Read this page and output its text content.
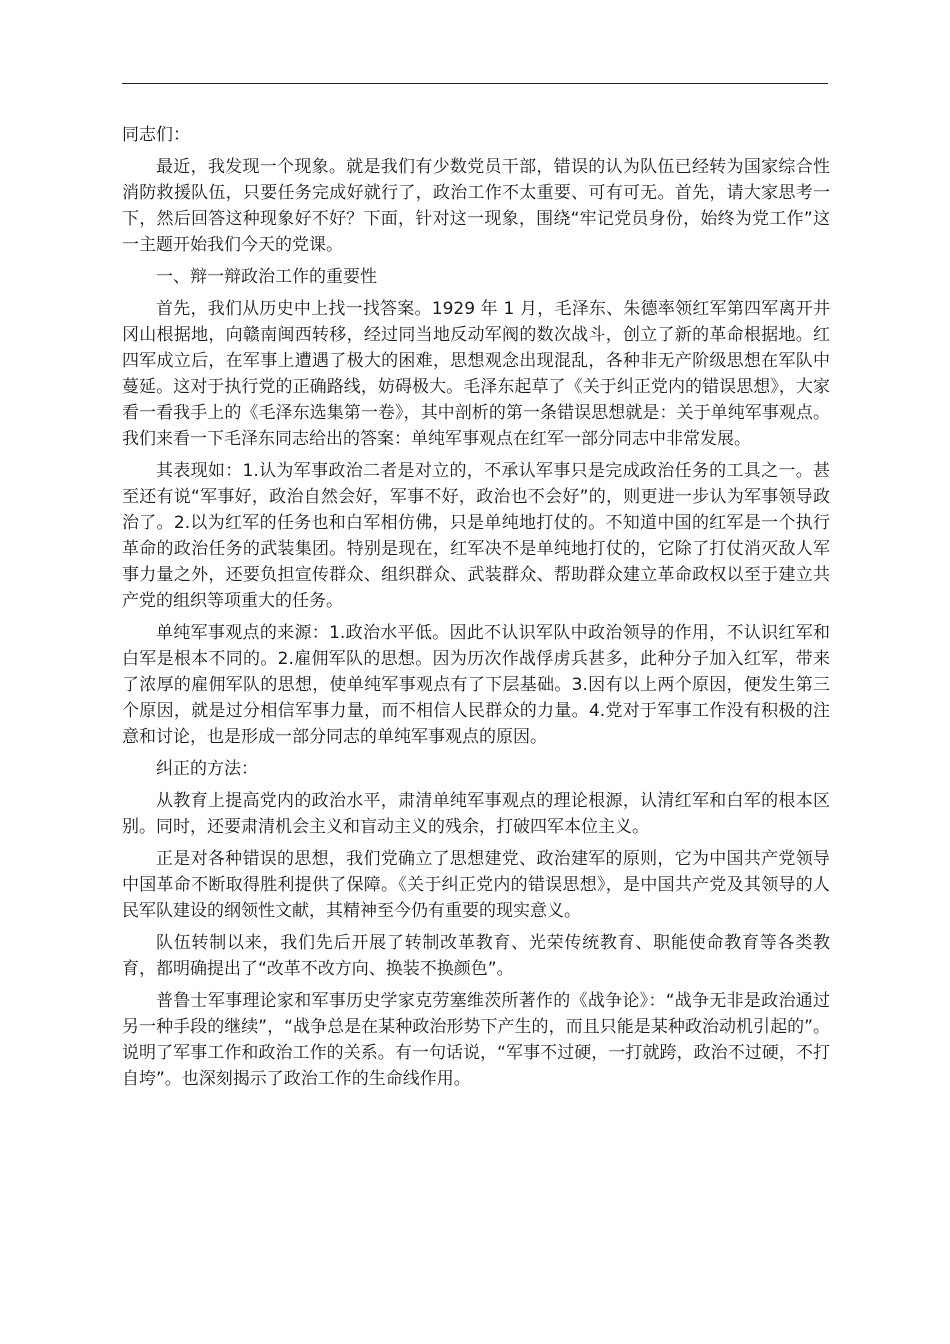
同志们：

最近，我发现一个现象。就是我们有少数党员干部，错误的认为队伍已经转为国家综合性消防救援队伍，只要任务完成好就行了，政治工作不太重要、可有可无。首先，请大家思考一下，然后回答这种现象好不好？下面，针对这一现象，围绕“牢记党员身份，始终为党工作”这一主题开始我们今天的党课。

一、辩一辩政治工作的重要性

首先，我们从历史中上找一找答案。1929 年 1 月，毛泽东、朱德率领红军第四军离开井冈山根据地，向赣南闽西转移，经过同当地反动军阀的数次战斗，创立了新的革命根据地。红四军成立后，在军事上遭遇了极大的困难，思想观念出现混乱，各种非无产阶级思想在军队中蔓延。这对于执行党的正确路线，妨碍极大。毛泽东起草了《关于纠正党内的错误思想》，大家看一看我手上的《毛泽东选集第一卷》，其中剖析的第一条错误思想就是：关于单纯军事观点。我们来看一下毛泽东同志给出的答案：单纯军事观点在红军一部分同志中非常发展。

其表现如：1.认为军事政治二者是对立的，不承认军事只是完成政治任务的工具之一。甚至还有说“军事好，政治自然会好，军事不好，政治也不会好”的，则更进一步认为军事领导政治了。2.以为红军的任务也和白军相仿佛，只是单纯地打仗的。不知道中国的红军是一个执行革命的政治任务的武装集团。特别是现在，红军决不是单纯地打仗的，它除了打仗消灭敌人军事力量之外，还要负担宣传群众、组织群众、武装群众、帮助群众建立革命政权以至于建立共产党的组织等项重大的任务。

单纯军事观点的来源：1.政治水平低。因此不认识军队中政治领导的作用，不认识红军和白军是根本不同的。2.雇佣军队的思想。因为历次作战俘虏兵甚多，此种分子加入红军，带来了浓厚的雇佣军队的思想，使单纯军事观点有了下层基础。3.因有以上两个原因，便发生第三个原因，就是过分相信军事力量，而不相信人民群众的力量。4.党对于军事工作没有积极的注意和讨论，也是形成一部分同志的单纯军事观点的原因。

纠正的方法：

从教育上提高党内的政治水平，肃清单纯军事观点的理论根源，认清红军和白军的根本区别。同时，还要肃清机会主义和盲动主义的残余，打破四军本位主义。

正是对各种错误的思想，我们党确立了思想建党、政治建军的原则，它为中国共产党领导中国革命不断取得胜利提供了保障。《关于纠正党内的错误思想》，是中国共产党及其领导的人民军队建设的纲领性文献，其精神至今仍有重要的现实意义。

队伍转制以来，我们先后开展了转制改革教育、光荣传统教育、职能使命教育等各类教育，都明确提出了“改革不改方向、换装不换颜色”。

普鲁士军事理论家和军事历史学家克劳塞维茨所著作的《战争论》：“战争无非是政治通过另一种手段的继续”，“战争总是在某种政治形势下产生的，而且只能是某种政治动机引起的”。说明了军事工作和政治工作的关系。有一句话说，“军事不过硬，一打就跨，政治不过硬，不打自垮”。也深刻揭示了政治工作的生命线作用。
